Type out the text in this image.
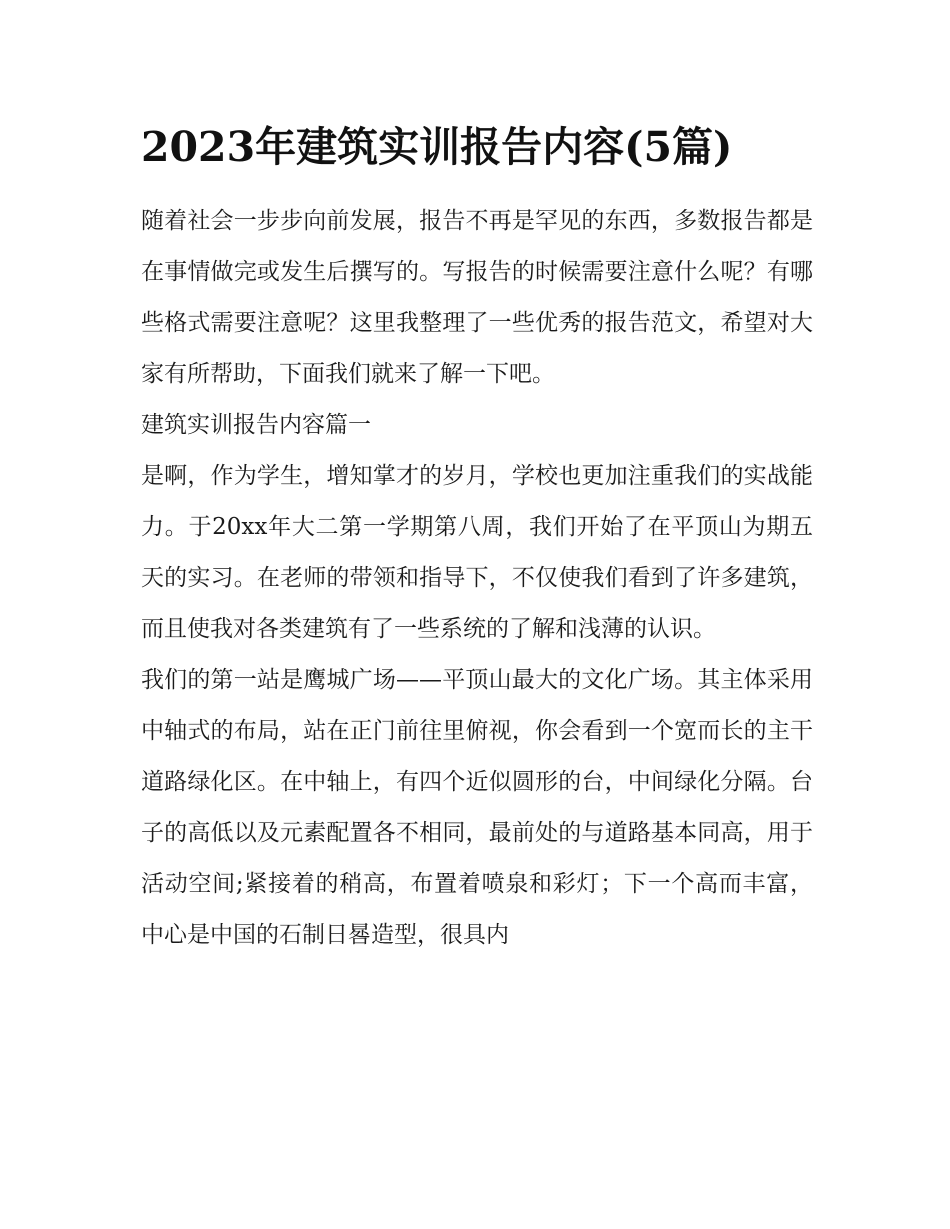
2023年建筑实训报告内容(5篇)

随着社会一步步向前发展，报告不再是罕见的东西，多数报告都是在事情做完或发生后撰写的。写报告的时候需要注意什么呢？有哪些格式需要注意呢？这里我整理了一些优秀的报告范文，希望对大家有所帮助，下面我们就来了解一下吧。

建筑实训报告内容篇一

是啊，作为学生，增知掌才的岁月，学校也更加注重我们的实战能力。于20xx年大二第一学期第八周，我们开始了在平顶山为期五天的实习。在老师的带领和指导下，不仅使我们看到了许多建筑，而且使我对各类建筑有了一些系统的了解和浅薄的认识。

我们的第一站是鹰城广场——平顶山最大的文化广场。其主体采用中轴式的布局，站在正门前往里俯视，你会看到一个宽而长的主干道路绿化区。在中轴上，有四个近似圆形的台，中间绿化分隔。台子的高低以及元素配置各不相同，最前处的与道路基本同高，用于活动空间;紧接着的稍高，布置着喷泉和彩灯；下一个高而丰富，中心是中国的石制日晷造型，很具内
